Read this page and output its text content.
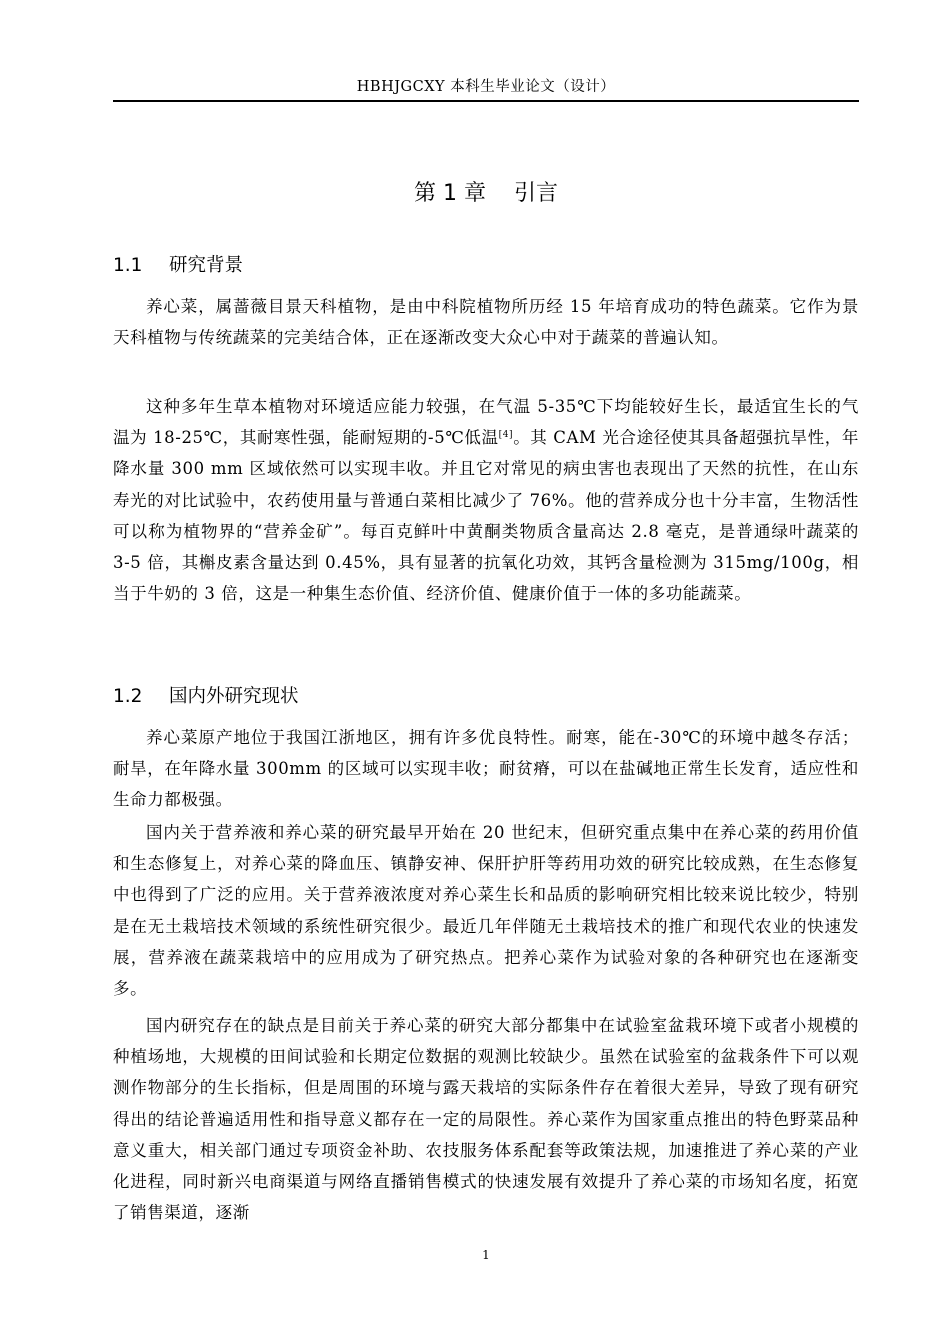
HBHJGCXY 本科生毕业论文（设计）
第 1 章    引言
1.1 研究背景

养心菜，属蔷薇目景天科植物，是由中科院植物所历经 15 年培育成功的特色蔬菜。它作为景天科植物与传统蔬菜的完美结合体，正在逐渐改变大众心中对于蔬菜的普遍认知。

这种多年生草本植物对环境适应能力较强，在气温 5-35℃下均能较好生长，最适宜生长的气温为 18-25℃，其耐寒性强，能耐短期的-5℃低温[4]。其 CAM 光合途径使其具备超强抗旱性，年降水量 300 mm 区域依然可以实现丰收。并且它对常见的病虫害也表现出了天然的抗性，在山东寿光的对比试验中，农药使用量与普通白菜相比减少了 76%。他的营养成分也十分丰富，生物活性可以称为植物界的“营养金矿”。每百克鲜叶中黄酮类物质含量高达 2.8 毫克，是普通绿叶蔬菜的 3-5 倍，其槲皮素含量达到 0.45%，具有显著的抗氧化功效，其钙含量检测为 315mg/100g，相当于牛奶的 3 倍，这是一种集生态价值、经济价值、健康价值于一体的多功能蔬菜。

1.2 国内外研究现状

养心菜原产地位于我国江浙地区，拥有许多优良特性。耐寒，能在-30℃的环境中越冬存活；耐旱，在年降水量 300mm 的区域可以实现丰收；耐贫瘠，可以在盐碱地正常生长发育，适应性和生命力都极强。

国内关于营养液和养心菜的研究最早开始在 20 世纪末，但研究重点集中在养心菜的药用价值和生态修复上，对养心菜的降血压、镇静安神、保肝护肝等药用功效的研究比较成熟，在生态修复中也得到了广泛的应用。关于营养液浓度对养心菜生长和品质的影响研究相比较来说比较少，特别是在无土栽培技术领域的系统性研究很少。最近几年伴随无土栽培技术的推广和现代农业的快速发展，营养液在蔬菜栽培中的应用成为了研究热点。把养心菜作为试验对象的各种研究也在逐渐变多。

国内研究存在的缺点是目前关于养心菜的研究大部分都集中在试验室盆栽环境下或者小规模的种植场地，大规模的田间试验和长期定位数据的观测比较缺少。虽然在试验室的盆栽条件下可以观测作物部分的生长指标，但是周围的环境与露天栽培的实际条件存在着很大差异，导致了现有研究得出的结论普遍适用性和指导意义都存在一定的局限性。养心菜作为国家重点推出的特色野菜品种意义重大，相关部门通过专项资金补助、农技服务体系配套等政策法规，加速推进了养心菜的产业化进程，同时新兴电商渠道与网络直播销售模式的快速发展有效提升了养心菜的市场知名度，拓宽了销售渠道，逐渐

1
